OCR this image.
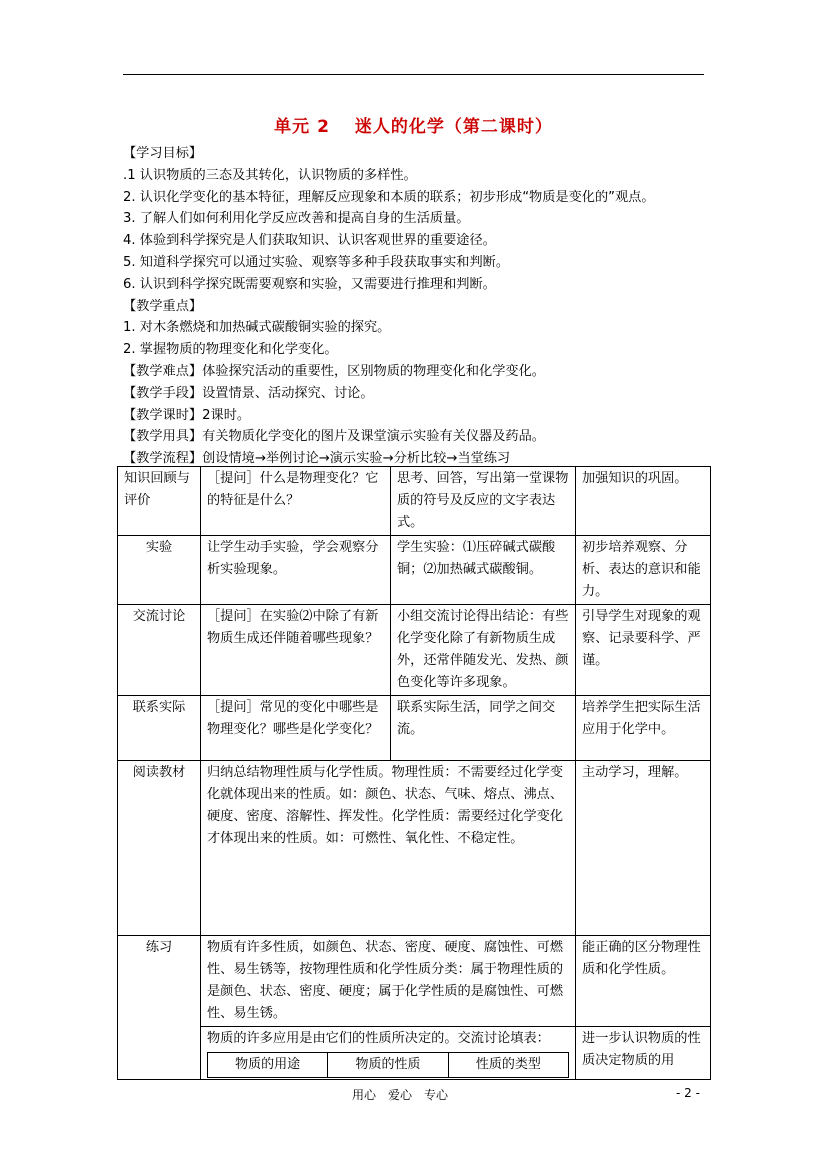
单元 2　 迷人的化学（第二课时）
【学习目标】
.1 认识物质的三态及其转化，认识物质的多样性。
2. 认识化学变化的基本特征，理解反应现象和本质的联系；初步形成“物质是变化的”观点。
3. 了解人们如何利用化学反应改善和提高自身的生活质量。
4. 体验到科学探究是人们获取知识、认识客观世界的重要途径。
5. 知道科学探究可以通过实验、观察等多种手段获取事实和判断。
6. 认识到科学探究既需要观察和实验，又需要进行推理和判断。
【教学重点】
1. 对木条燃烧和加热碱式碳酸铜实验的探究。
2. 掌握物质的物理变化和化学变化。
【教学难点】体验探究活动的重要性，区别物质的物理变化和化学变化。
【教学手段】设置情景、活动探究、讨论。
【教学课时】2课时。
【教学用具】有关物质化学变化的图片及课堂演示实验有关仪器及药品。
【教学流程】创设情境→举例讨论→演示实验→分析比较→当堂练习
知识回顾与评价	［提问］什么是物理变化？它的特征是什么？	思考、回答，写出第一堂课物质的符号及反应的文字表达式。	加强知识的巩固。
实验	让学生动手实验，学会观察分析实验现象。	学生实验：⑴压碎碱式碳酸铜；⑵加热碱式碳酸铜。	初步培养观察、分析、表达的意识和能力。
交流讨论	［提问］在实验⑵中除了有新物质生成还伴随着哪些现象？	小组交流讨论得出结论：有些化学变化除了有新物质生成外，还常伴随发光、发热、颜色变化等许多现象。	引导学生对现象的观察、记录要科学、严谨。
联系实际	［提问］常见的变化中哪些是物理变化？哪些是化学变化？	联系实际生活，同学之间交流。	培养学生把实际生活应用于化学中。
阅读教材	归纳总结物理性质与化学性质。物理性质：不需要经过化学变化就体现出来的性质。如：颜色、状态、气味、熔点、沸点、硬度、密度、溶解性、挥发性。化学性质：需要经过化学变化才体现出来的性质。如：可燃性、氧化性、不稳定性。	主动学习，理解。
练习	物质有许多性质，如颜色、状态、密度、硬度、腐蚀性、可燃性、易生锈等，按物理性质和化学性质分类：属于物理性质的是颜色、状态、密度、硬度；属于化学性质的是腐蚀性、可燃性、易生锈。	能正确的区分物理性质和化学性质。

物质的许多应用是由它们的性质所决定的。交流讨论填表：
物质的用途	物质的性质	性质的类型
	进一步认识物质的性质决定物质的用
用心　爱心　专心	- 2 -
